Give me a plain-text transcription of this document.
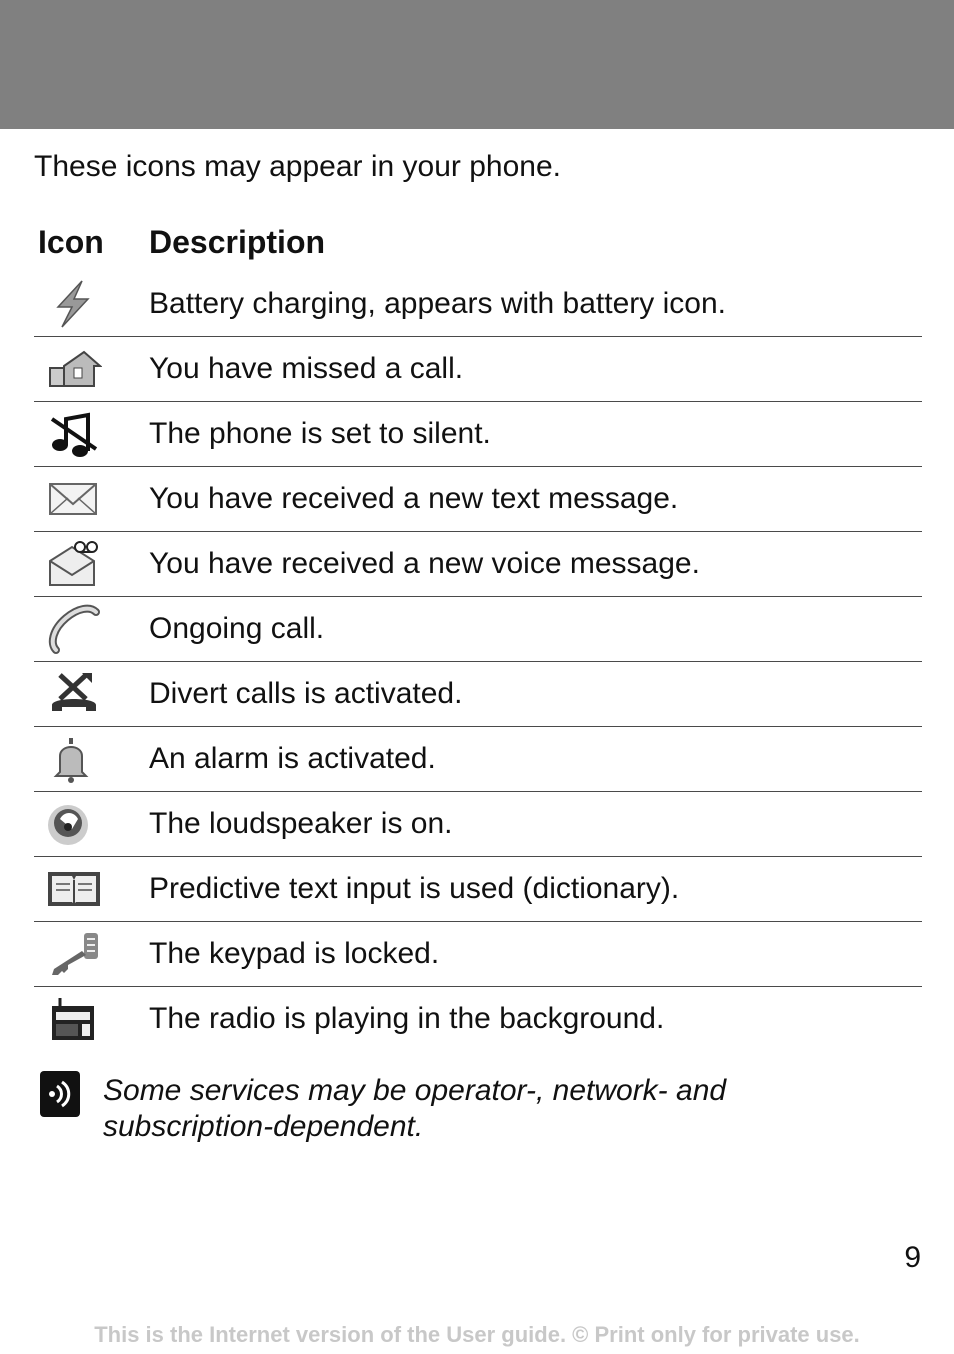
These icons may appear in your phone.

Icon	Description
Battery charging, appears with battery icon.
You have missed a call.
The phone is set to silent.
You have received a new text message.
You have received a new voice message.
Ongoing call.
Divert calls is activated.
An alarm is activated.
The loudspeaker is on.
Predictive text input is used (dictionary).
The keypad is locked.
The radio is playing in the background.
Some services may be operator-, network- and subscription-dependent.
9
This is the Internet version of the User guide. © Print only for private use.
